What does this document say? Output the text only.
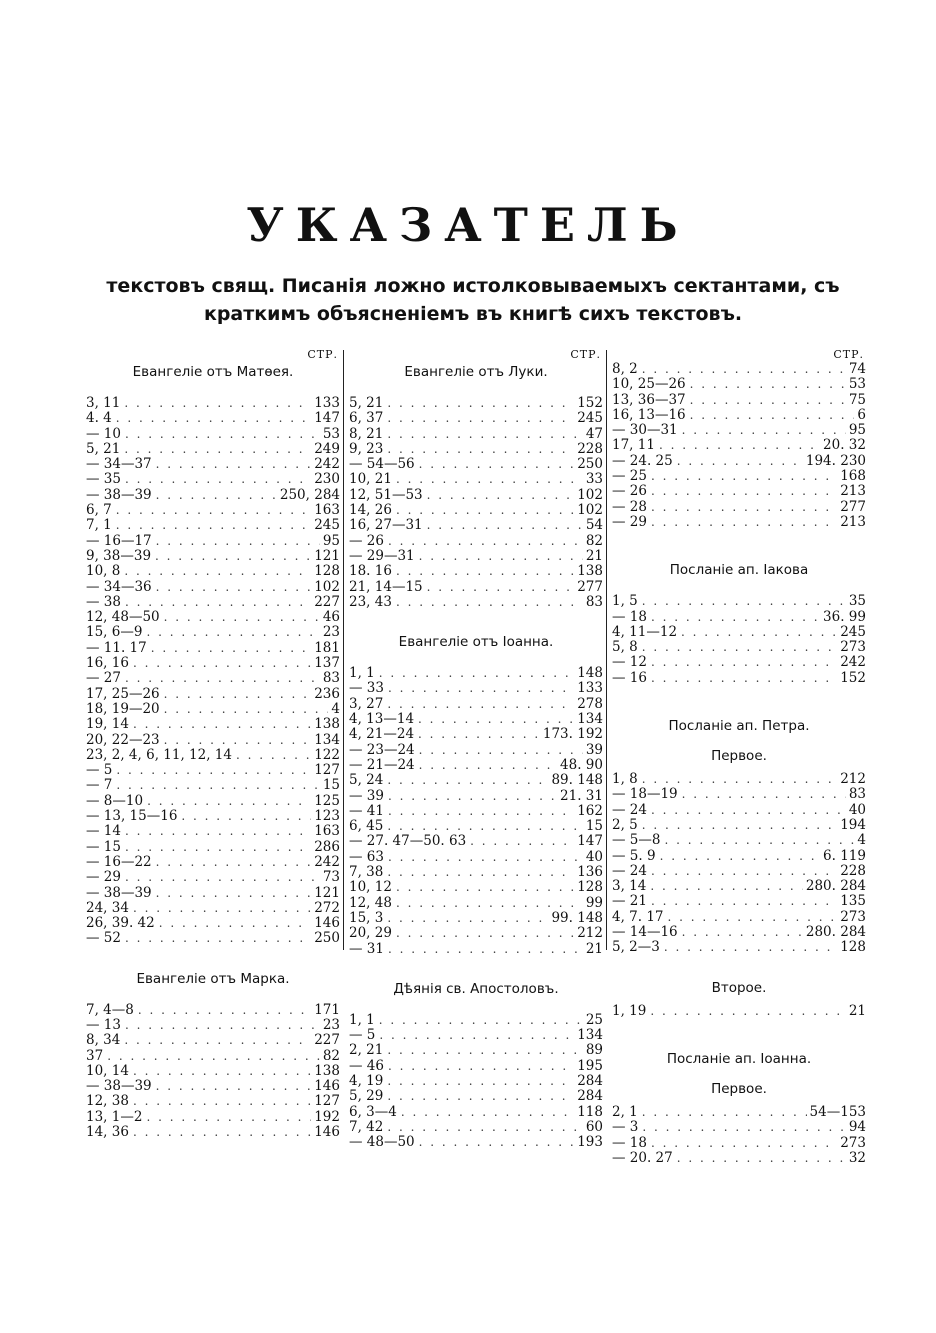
УКАЗАТЕЛЬ

текстовъ свящ. Писанія ложно истолковываемыхъ сектантами, съ краткимъ объясненіемъ въ книгѣ сихъ текстовъ.

СТР.
Евангеліе отъ Матѳея.
3, 11 . . .	133
4. 4 . . .	147
— 10 . . .	53
5, 21 . . .	249
— 34—37 . . .	242
— 35 . . .	230
— 38—39 . . .	250, 284
6, 7 . . .	163
7, 1 . . .	245
— 16—17 . . .	95
9, 38—39 . . .	121
10, 8 . . .	128
— 34—36 . . .	102
— 38 . . .	227
12, 48—50 . . .	46
15, 6—9 . . .	23
— 11. 17 . . .	181
16, 16 . . .	137
— 27 . . .	83
17, 25—26 . . .	236
18, 19—20 . . .	4
19, 14 . . .	138
20, 22—23 . . .	134
23, 2, 4, 6, 11, 12, 14 . . .	122
— 5 . . .	127
— 7 . . .	15
— 8—10 . . .	125
— 13, 15—16 . . .	123
— 14 . . .	163
— 15 . . .	286
— 16—22 . . .	242
— 29 . . .	73
— 38—39 . . .	121
24, 34 . . .	272
26, 39. 42 . . .	146
— 52 . . .	250
Евангеліе отъ Марка.
7, 4—8 . . .	171
— 13 . . .	23
8, 34 . . .	227
37 . . .	82
10, 14 . . .	138
— 38—39 . . .	146
12, 38 . . .	127
13, 1—2 . . .	192
14, 36 . . .	146
СТР.
Евангеліе отъ Луки.
5, 21 . . .	152
6, 37 . . .	245
8, 21 . . .	47
9, 23 . . .	228
— 54—56 . . .	250
10, 21 . . .	33
12, 51—53 . . .	102
14, 26 . . .	102
16, 27—31 . . .	54
— 26 . . .	82
— 29—31 . . .	21
18. 16 . . .	138
21, 14—15 . . .	277
23, 43 . . .	83
Евангеліе отъ Іоанна.
1, 1 . . .	148
— 33 . . .	133
3, 27 . . .	278
4, 13—14 . . .	134
4, 21—24 . . .	173. 192
— 23—24 . . .	39
— 21—24 . . .	48. 90
5, 24 . . .	89. 148
— 39 . . .	21. 31
— 41 . . .	162
6, 45 . . .	15
— 27. 47—50. 63 . . .	147
— 63 . . .	40
7, 38 . . .	136
10, 12 . . .	128
12, 48 . . .	99
15, 3 . . .	99. 148
20, 29 . . .	212
— 31 . . .	21
Дѣянія св. Апостоловъ.
1, 1 . . .	25
— 5 . . .	134
2, 21 . . .	89
— 46 . . .	195
4, 19 . . .	284
5, 29 . . .	284
6, 3—4 . . .	118
7, 42 . . .	60
— 48—50 . . .	193
СТР.
8, 2 . . .	74
10, 25—26 . . .	53
13, 36—37 . . .	75
16, 13—16 . . .	6
— 30—31 . . .	95
17, 11 . . .	20. 32
— 24. 25 . . .	194. 230
— 25 . . .	168
— 26 . . .	213
— 28 . . .	277
— 29 . . .	213
Посланіе ап. Іакова
1, 5 . . .	35
— 18 . . .	36. 99
4, 11—12 . . .	245
5, 8 . . .	273
— 12 . . .	242
— 16 . . .	152
Посланіе ап. Петра.
Первое.
1, 8 . . .	212
— 18—19 . . .	83
— 24 . . .	40
2, 5 . . .	194
— 5—8 . . .	4
— 5. 9 . . .	6. 119
— 24 . . .	228
3, 14 . . .	280. 284
— 21 . . .	135
4, 7. 17 . . .	273
— 14—16 . . .	280. 284
5, 2—3 . . .	128
Второе.
1, 19 . . .	21
Посланіе ап. Іоанна.
Первое.
2, 1 . . .	54—153
— 3 . . .	94
— 18 . . .	273
— 20. 27 . . .	32
